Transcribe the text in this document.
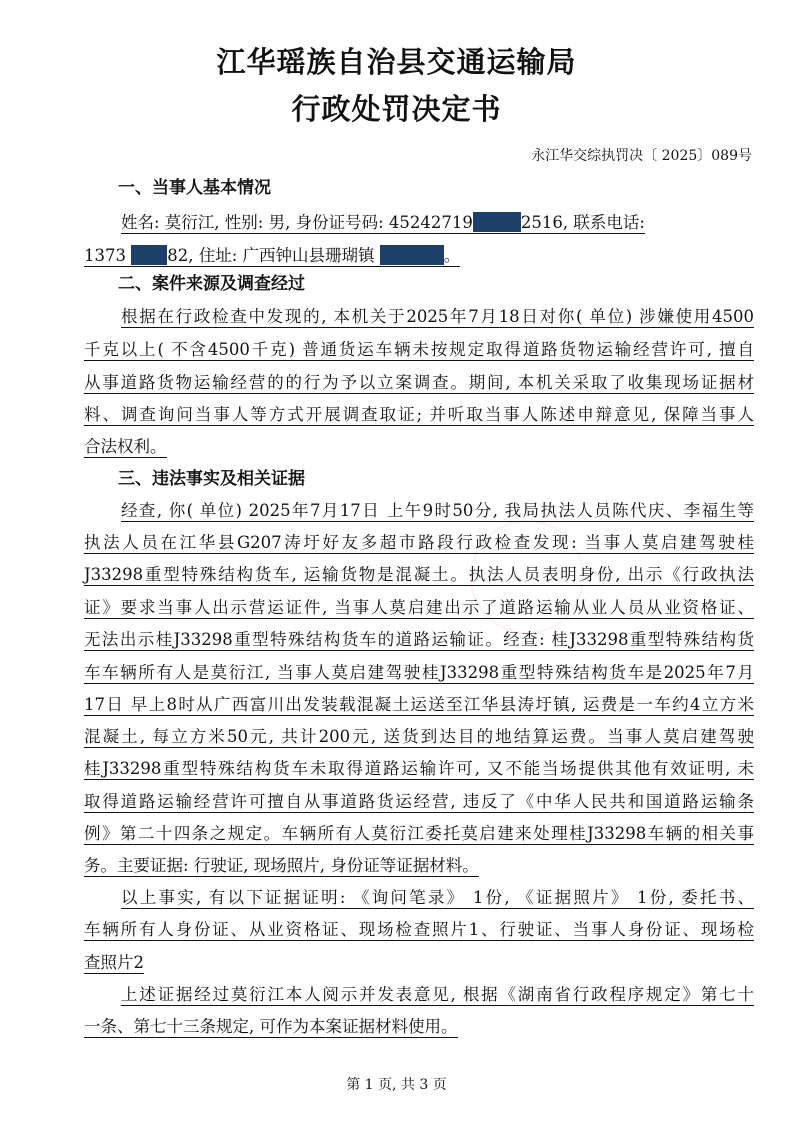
江华瑶族自治县交通运输局
行政处罚决定书
永江华交综执罚决〔 2025〕089号
一、当事人基本情况
姓名: 莫衍江, 性别: 男, 身份证号码: 45242719	2516, 联系电话:
1373	82, 住址: 广西钟山县珊瑚镇	。
二、案件来源及调查经过
根据在行政检查中发现的, 本机关于2025年7月18日对你( 单位) 涉嫌使用4500
千克以上( 不含4500千克) 普通货运车辆未按规定取得道路货物运输经营许可, 擅自
从事道路货物运输经营的的行为予以立案调查。期间, 本机关采取了收集现场证据材
料、调查询问当事人等方式开展调查取证; 并听取当事人陈述申辩意见, 保障当事人
合法权利。
三、违法事实及相关证据
经查, 你( 单位) 2025年7月17日 上午9时50分, 我局执法人员陈代庆、李福生等
执法人员在江华县G207涛圩好友多超市路段行政检查发现: 当事人莫启建驾驶桂
J33298重型特殊结构货车, 运输货物是混凝土。执法人员表明身份, 出示《行政执法
证》要求当事人出示营运证件, 当事人莫启建出示了道路运输从业人员从业资格证、
无法出示桂J33298重型特殊结构货车的道路运输证。经查: 桂J33298重型特殊结构货
车车辆所有人是莫衍江, 当事人莫启建驾驶桂J33298重型特殊结构货车是2025年7月
17日 早上8时从广西富川出发装载混凝土运送至江华县涛圩镇, 运费是一车约4立方米
混凝土, 每立方米50元, 共计200元, 送货到达目的地结算运费。当事人莫启建驾驶
桂J33298重型特殊结构货车未取得道路运输许可, 又不能当场提供其他有效证明, 未
取得道路运输经营许可擅自从事道路货运经营, 违反了《中华人民共和国道路运输条
例》第二十四条之规定。车辆所有人莫衍江委托莫启建来处理桂J33298车辆的相关事
务。主要证据: 行驶证, 现场照片, 身份证等证据材料。
以上事实, 有以下证据证明: 《询问笔录》 1份, 《证据照片》 1份, 委托书、
车辆所有人身份证、从业资格证、现场检查照片1、行驶证、当事人身份证、现场检
查照片2
上述证据经过莫衍江本人阅示并发表意见, 根据《湖南省行政程序规定》第七十
一条、第七十三条规定, 可作为本案证据材料使用。
第 1 页, 共 3 页
